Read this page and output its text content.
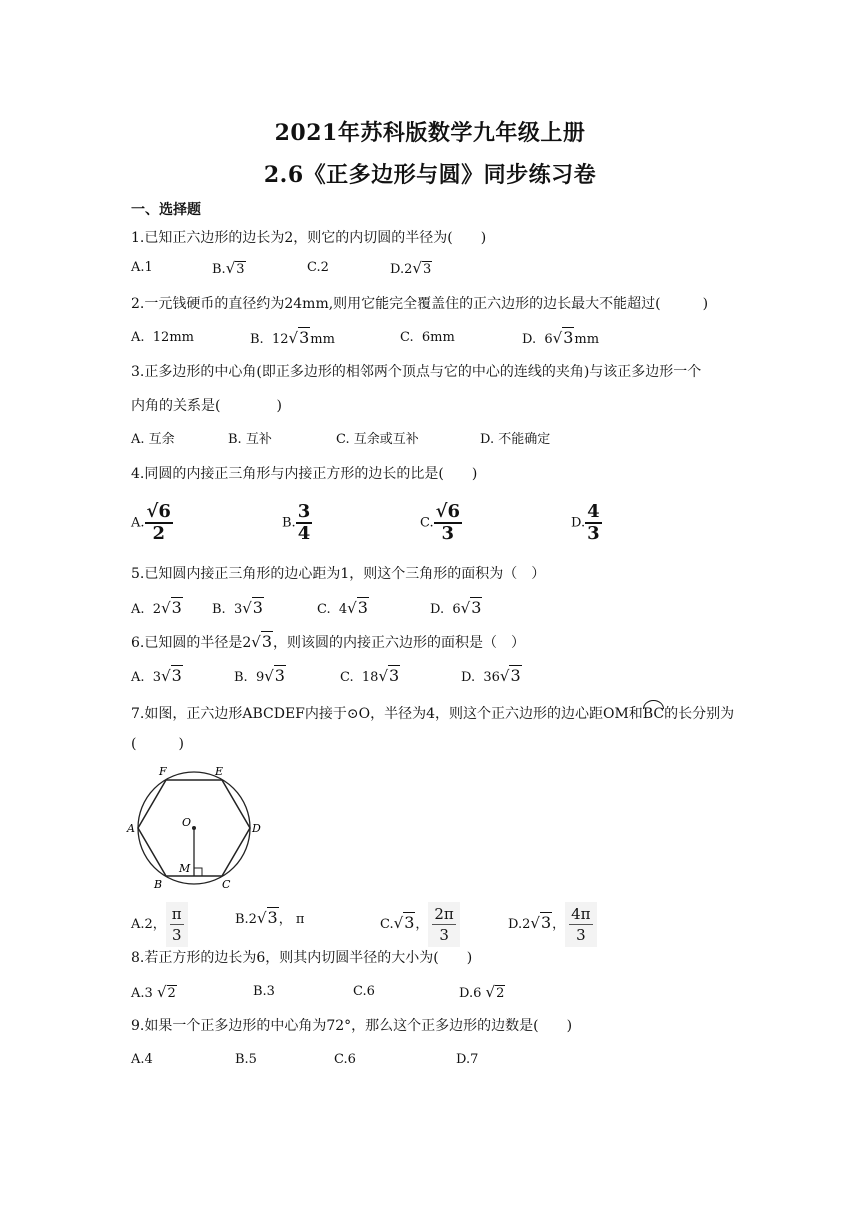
2021年苏科版数学九年级上册
2.6《正多边形与圆》同步练习卷
一、选择题
1.已知正六边形的边长为2，则它的内切圆的半径为(　　)
A.1	B.√3	C.2	D.2√3
2.一元钱硬币的直径约为24mm,则用它能完全覆盖住的正六边形的边长最大不能超过(　　　)
A.  12mm	B.  12√3mm	C.  6mm	D.  6√3mm
3.正多边形的中心角(即正多边形的相邻两个顶点与它的中心的连线的夹角)与该正多边形一个
内角的关系是(　　　　)
A. 互余	B. 互补	C. 互余或互补	D. 不能确定
4.同圆的内接正三角形与内接正方形的边长的比是(　　)
A. $\frac{√6}{2}$	B. $\frac{3}{4}$	C. $\frac{√6}{3}$	D. $\frac{4}{3}$
5.已知圆内接正三角形的边心距为1，则这个三角形的面积为（　）
A.  2√3 B.  3√3	C.  4√3	D.  6√3
6.已知圆的半径是2√3，则该圆的内接正六边形的面积是（　）
A.  3√3	B.  9√3	C.  18√3	D.  36√3
7.如图，正六边形ABCDEF内接于⊙O，半径为4，则这个正六边形的边心距OM和BC的长分别为
(　　　)
F	E
A	D
O
M
B	C
A.2， $\frac{\pi}{3}$	B.2√3， π	C.√3， $\frac{2\pi}{3}$	D.2√3， $\frac{4\pi}{3}$
8.若正方形的边长为6，则其内切圆半径的大小为(　　)
A.3 √2	B.3	C.6	D.6 √2
9.如果一个正多边形的中心角为72°，那么这个正多边形的边数是(　　)
A.4	B.5	C.6	D.7
